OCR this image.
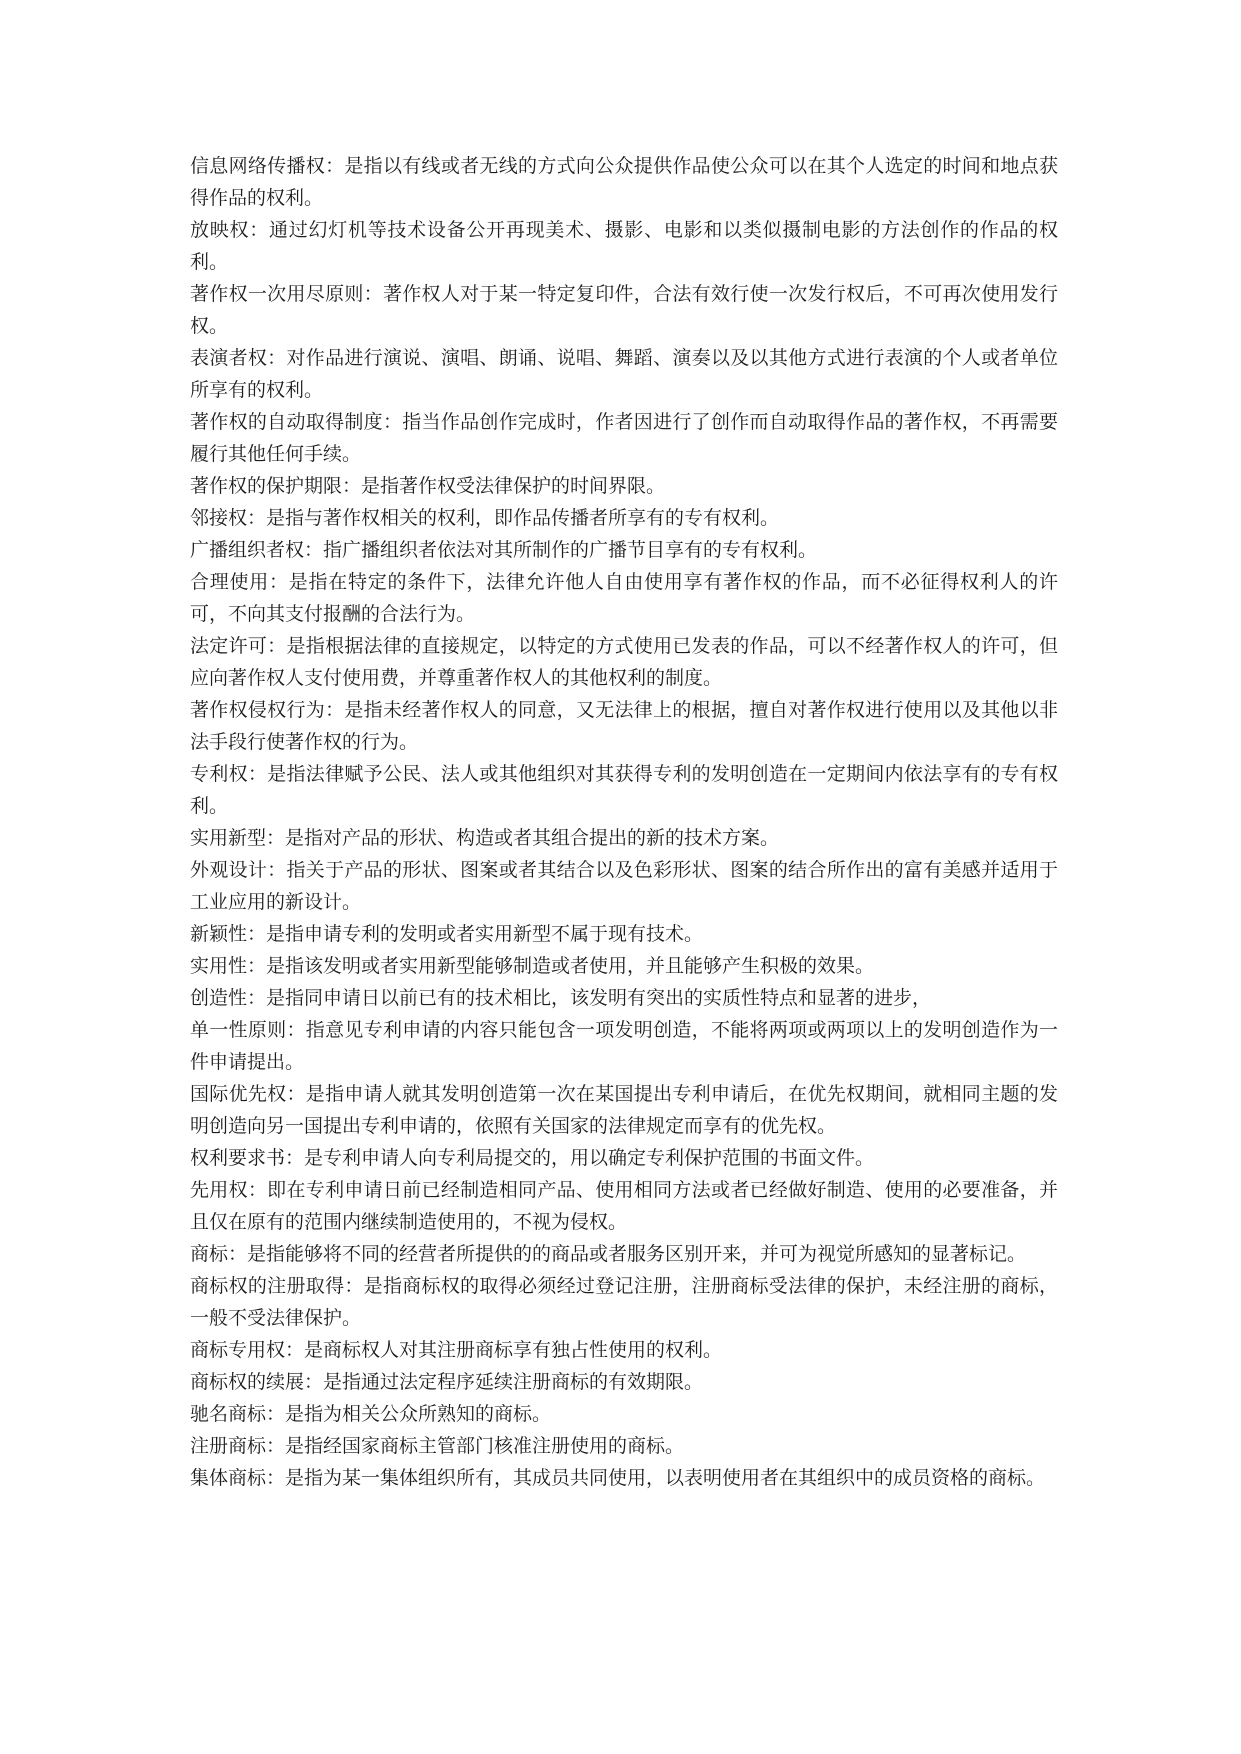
信息网络传播权：是指以有线或者无线的方式向公众提供作品使公众可以在其个人选定的时间和地点获得作品的权利。

放映权：通过幻灯机等技术设备公开再现美术、摄影、电影和以类似摄制电影的方法创作的作品的权利。

著作权一次用尽原则：著作权人对于某一特定复印件，合法有效行使一次发行权后，不可再次使用发行权。

表演者权：对作品进行演说、演唱、朗诵、说唱、舞蹈、演奏以及以其他方式进行表演的个人或者单位所享有的权利。

著作权的自动取得制度：指当作品创作完成时，作者因进行了创作而自动取得作品的著作权，不再需要履行其他任何手续。

著作权的保护期限：是指著作权受法律保护的时间界限。

邻接权：是指与著作权相关的权利，即作品传播者所享有的专有权利。

广播组织者权：指广播组织者依法对其所制作的广播节目享有的专有权利。

合理使用：是指在特定的条件下，法律允许他人自由使用享有著作权的作品，而不必征得权利人的许可，不向其支付报酬的合法行为。

法定许可：是指根据法律的直接规定，以特定的方式使用已发表的作品，可以不经著作权人的许可，但应向著作权人支付使用费，并尊重著作权人的其他权利的制度。

著作权侵权行为：是指未经著作权人的同意，又无法律上的根据，擅自对著作权进行使用以及其他以非法手段行使著作权的行为。

专利权：是指法律赋予公民、法人或其他组织对其获得专利的发明创造在一定期间内依法享有的专有权利。

实用新型：是指对产品的形状、构造或者其组合提出的新的技术方案。

外观设计：指关于产品的形状、图案或者其结合以及色彩形状、图案的结合所作出的富有美感并适用于工业应用的新设计。

新颖性：是指申请专利的发明或者实用新型不属于现有技术。

实用性：是指该发明或者实用新型能够制造或者使用，并且能够产生积极的效果。

创造性：是指同申请日以前已有的技术相比，该发明有突出的实质性特点和显著的进步，

单一性原则：指意见专利申请的内容只能包含一项发明创造，不能将两项或两项以上的发明创造作为一件申请提出。

国际优先权：是指申请人就其发明创造第一次在某国提出专利申请后，在优先权期间，就相同主题的发明创造向另一国提出专利申请的，依照有关国家的法律规定而享有的优先权。

权利要求书：是专利申请人向专利局提交的，用以确定专利保护范围的书面文件。

先用权：即在专利申请日前已经制造相同产品、使用相同方法或者已经做好制造、使用的必要准备，并且仅在原有的范围内继续制造使用的，不视为侵权。

商标：是指能够将不同的经营者所提供的的商品或者服务区别开来，并可为视觉所感知的显著标记。

商标权的注册取得：是指商标权的取得必须经过登记注册，注册商标受法律的保护，未经注册的商标，一般不受法律保护。

商标专用权：是商标权人对其注册商标享有独占性使用的权利。

商标权的续展：是指通过法定程序延续注册商标的有效期限。

驰名商标：是指为相关公众所熟知的商标。

注册商标：是指经国家商标主管部门核准注册使用的商标。

集体商标：是指为某一集体组织所有，其成员共同使用，以表明使用者在其组织中的成员资格的商标。
